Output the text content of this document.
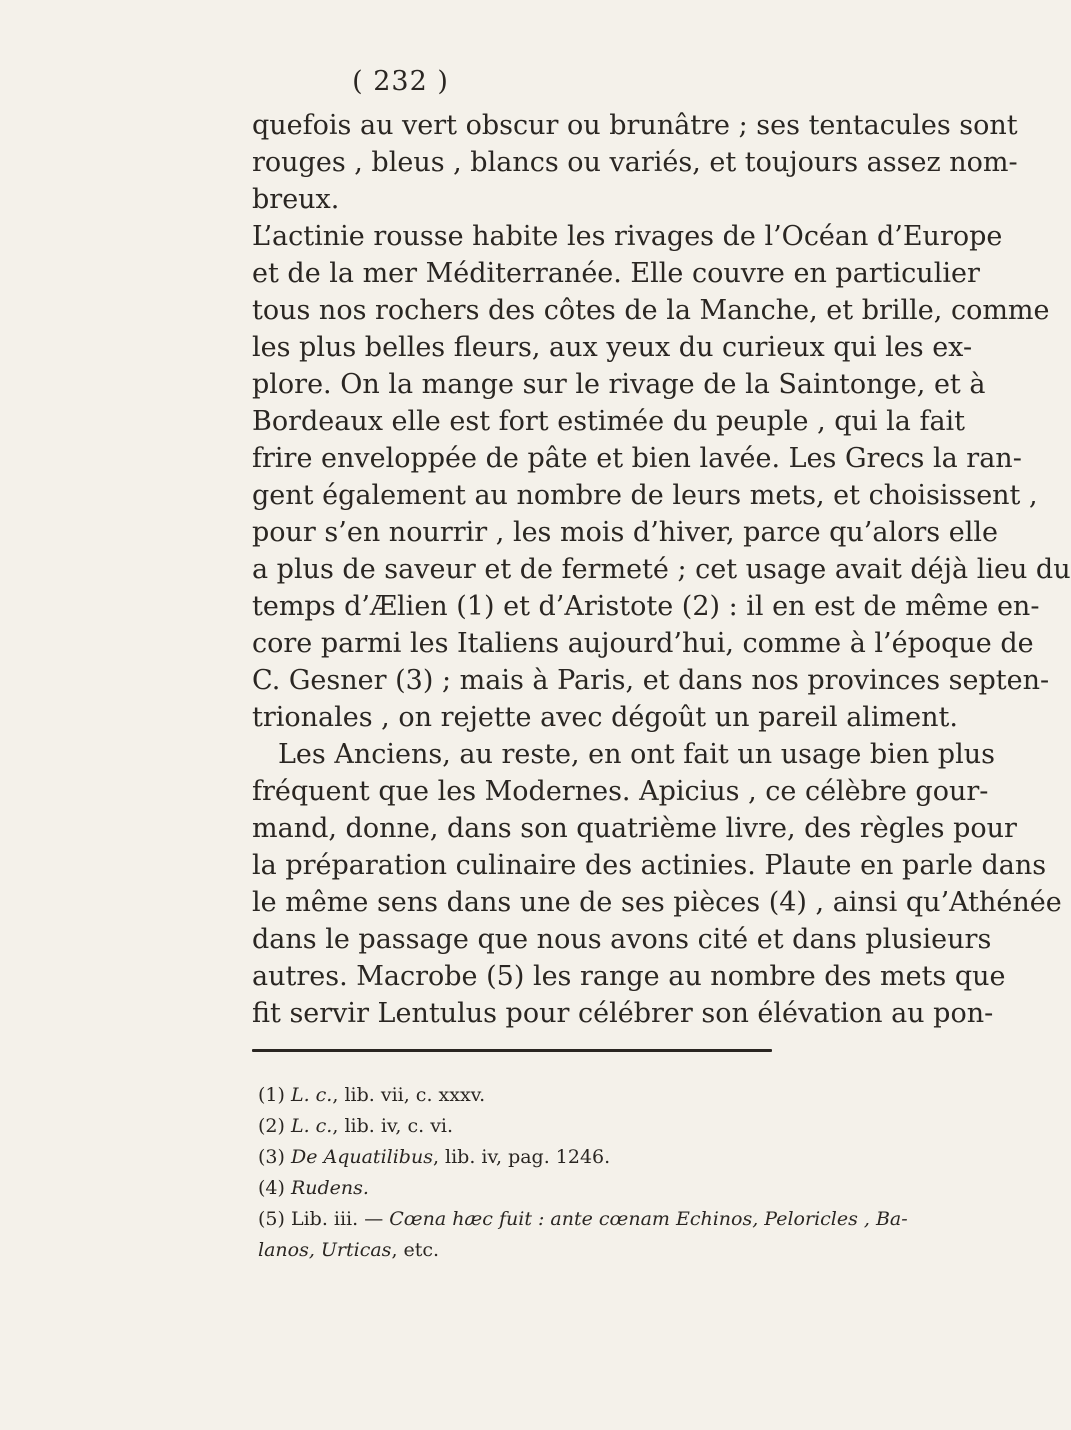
( 232 )
quefois au vert obscur ou brunâtre ; ses tentacules sont
rouges , bleus , blancs ou variés, et toujours assez nom-
breux.
L’actinie rousse habite les rivages de l’Océan d’Europe
et de la mer Méditerranée. Elle couvre en particulier
tous nos rochers des côtes de la Manche, et brille, comme
les plus belles fleurs, aux yeux du curieux qui les ex-
plore. On la mange sur le rivage de la Saintonge, et à
Bordeaux elle est fort estimée du peuple , qui la fait
frire enveloppée de pâte et bien lavée. Les Grecs la ran-
gent également au nombre de leurs mets, et choisissent ,
pour s’en nourrir , les mois d’hiver, parce qu’alors elle
a plus de saveur et de fermeté ; cet usage avait déjà lieu du
temps d’Ælien (1) et d’Aristote (2) : il en est de même en-
core parmi les Italiens aujourd’hui, comme à l’époque de
C. Gesner (3) ; mais à Paris, et dans nos provinces septen-
trionales , on rejette avec dégoût un pareil aliment.
Les Anciens, au reste, en ont fait un usage bien plus
fréquent que les Modernes. Apicius , ce célèbre gour-
mand, donne, dans son quatrième livre, des règles pour
la préparation culinaire des actinies. Plaute en parle dans
le même sens dans une de ses pièces (4) , ainsi qu’Athénée
dans le passage que nous avons cité et dans plusieurs
autres. Macrobe (5) les range au nombre des mets que
fit servir Lentulus pour célébrer son élévation au pon-
(1) L. c., lib. vii, c. xxxv.
(2) L. c., lib. iv, c. vi.
(3) De Aquatilibus, lib. iv, pag. 1246.
(4) Rudens.
(5) Lib. iii. — Cœna hæc fuit : ante cœnam Echinos, Peloricles , Ba-
lanos, Urticas, etc.
